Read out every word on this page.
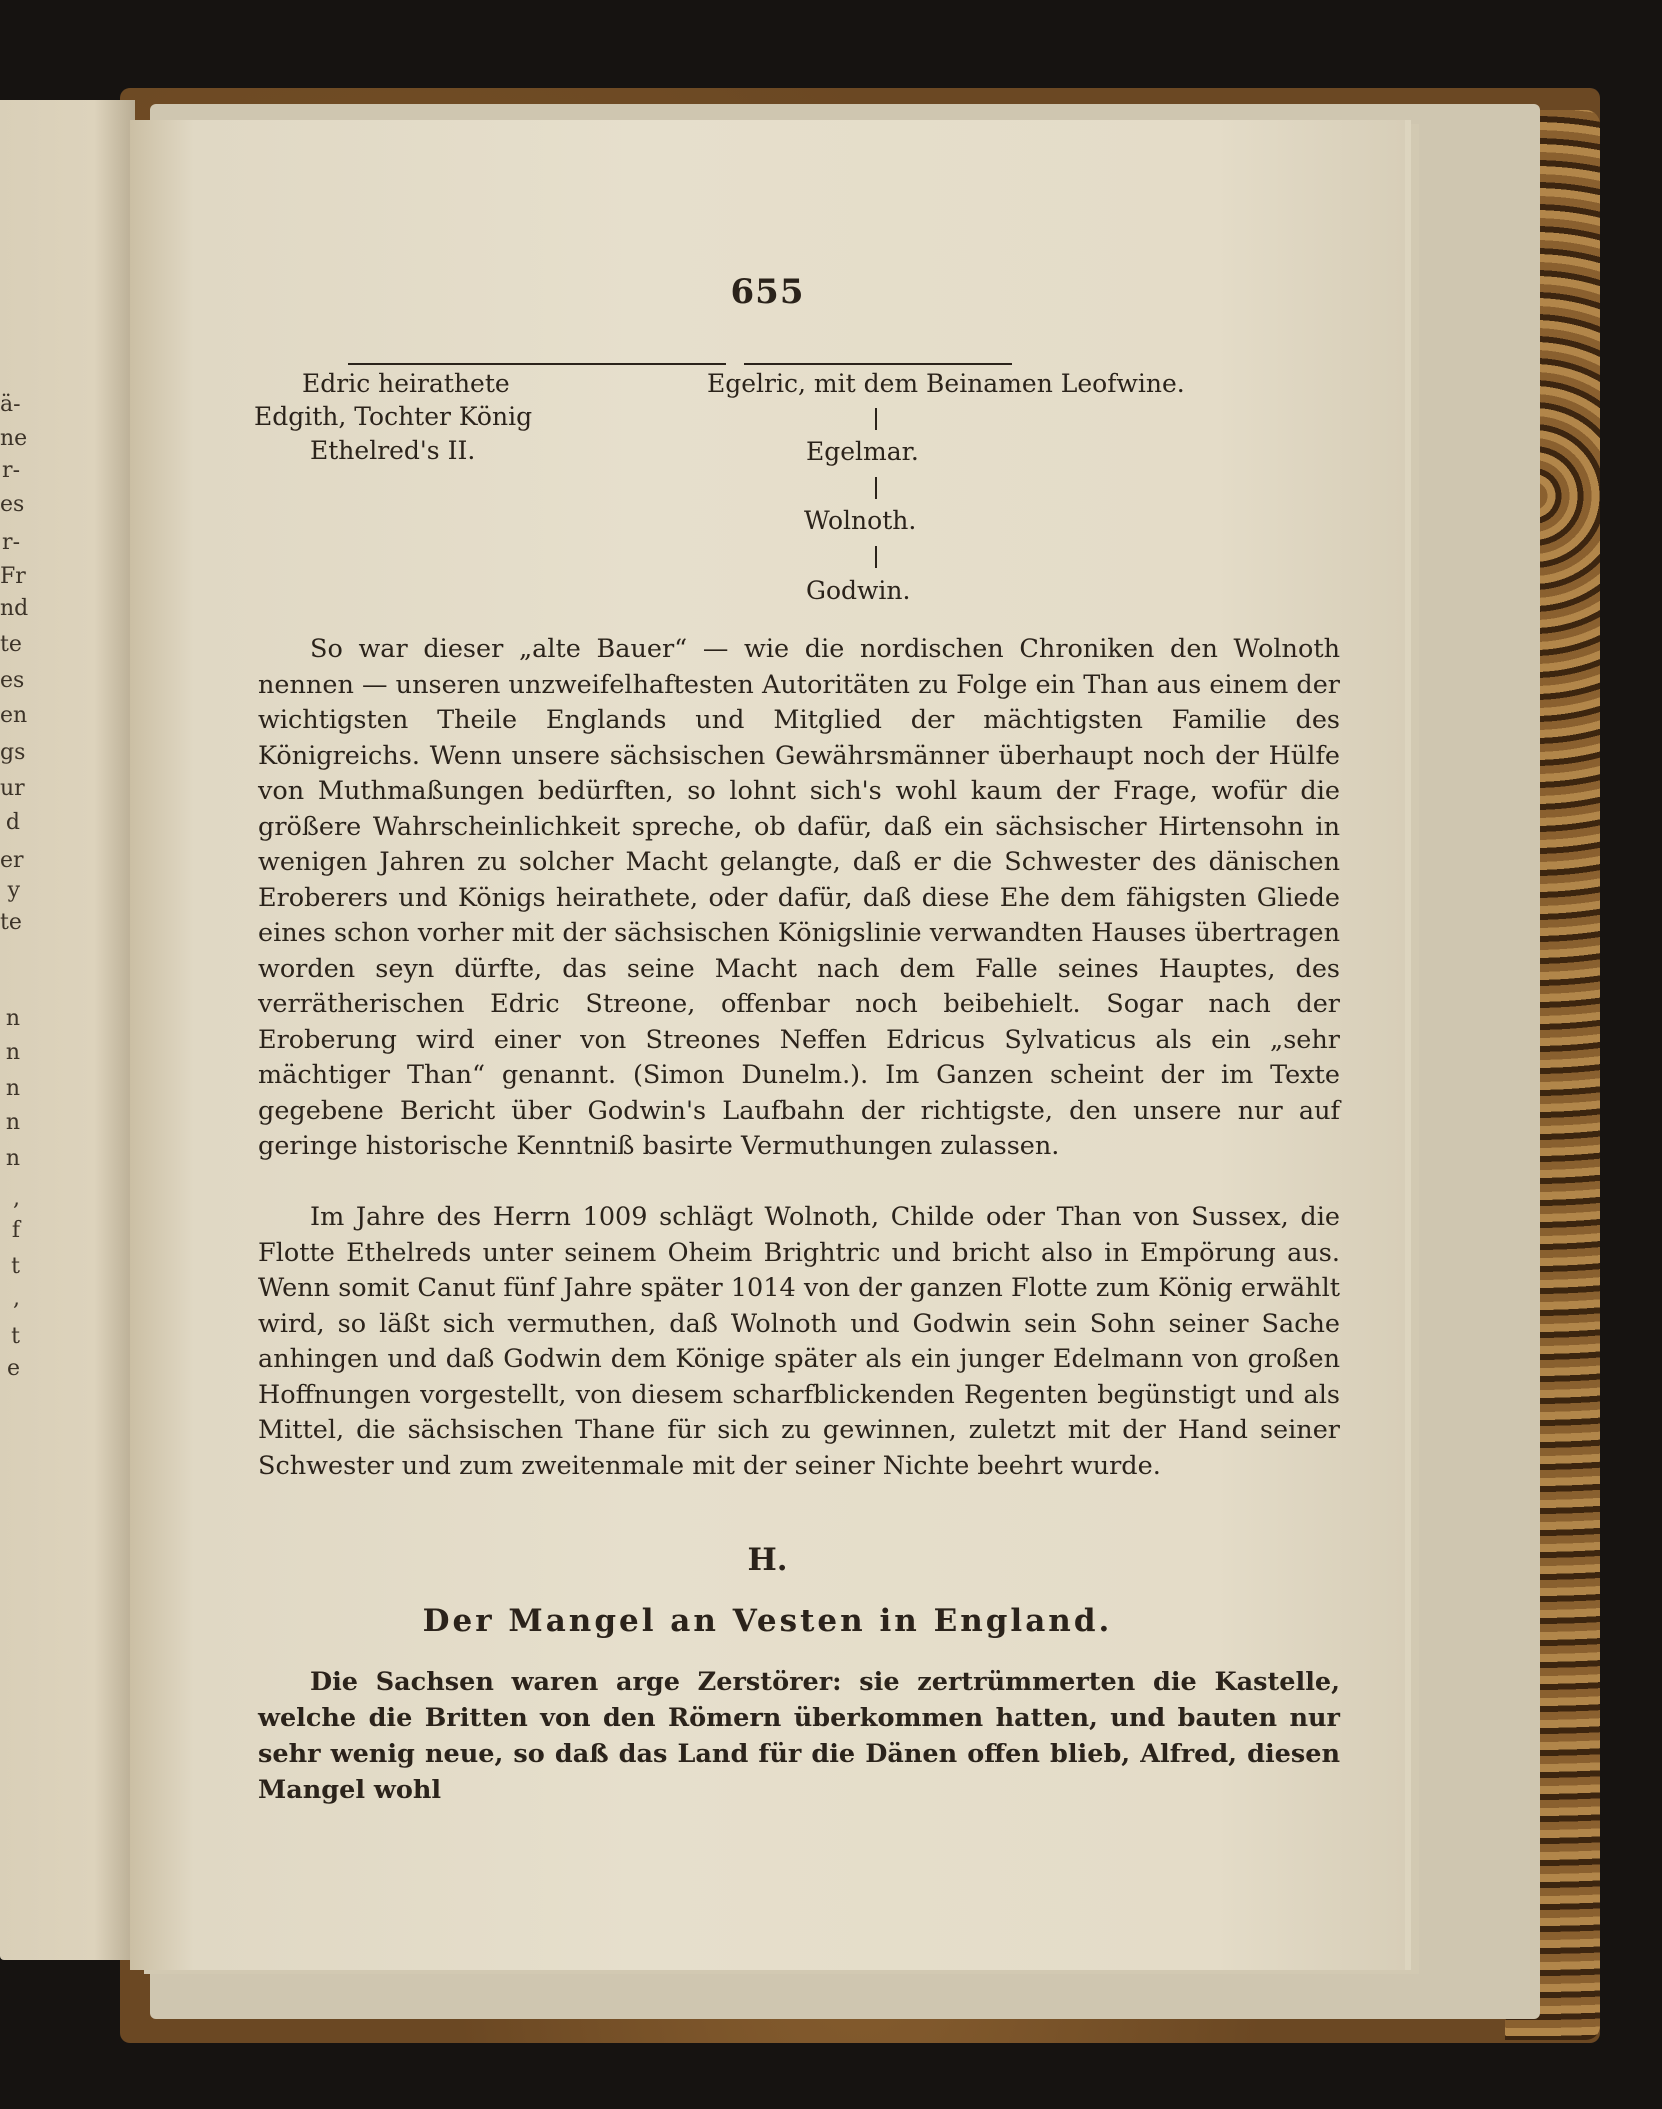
ä-
ne
r-
es
r-
Fr
nd
te
es
en
gs
ur
d
er
y
te
n
n
n
n
n
,
f
t
,
t
e
655
Edric heirathete
Edgith, Tochter König
Ethelred's II.
Egelric, mit dem Beinamen Leofwine.
Egelmar.
Wolnoth.
Godwin.
So war dieser „alte Bauer“ — wie die nordischen Chroniken den Wolnoth nennen — unseren unzweifelhaftesten Autoritäten zu Folge ein Than aus einem der wichtigsten Theile Englands und Mitglied der mächtigsten Familie des Königreichs. Wenn unsere sächsischen Gewährsmänner überhaupt noch der Hülfe von Muthmaßungen bedürften, so lohnt sich's wohl kaum der Frage, wofür die größere Wahrscheinlichkeit spreche, ob dafür, daß ein sächsischer Hirtensohn in wenigen Jahren zu solcher Macht gelangte, daß er die Schwester des dänischen Eroberers und Königs heirathete, oder dafür, daß diese Ehe dem fähigsten Gliede eines schon vorher mit der sächsischen Königslinie verwandten Hauses übertragen worden seyn dürfte, das seine Macht nach dem Falle seines Hauptes, des verrätherischen Edric Streone, offenbar noch beibehielt. Sogar nach der Eroberung wird einer von Streones Neffen Edricus Sylvaticus als ein „sehr mächtiger Than“ genannt. (Simon Dunelm.). Im Ganzen scheint der im Texte gegebene Bericht über Godwin's Laufbahn der richtigste, den unsere nur auf geringe historische Kenntniß basirte Vermuthungen zulassen.
Im Jahre des Herrn 1009 schlägt Wolnoth, Childe oder Than von Sussex, die Flotte Ethelreds unter seinem Oheim Brightric und bricht also in Empörung aus. Wenn somit Canut fünf Jahre später 1014 von der ganzen Flotte zum König erwählt wird, so läßt sich vermuthen, daß Wolnoth und Godwin sein Sohn seiner Sache anhingen und daß Godwin dem Könige später als ein junger Edelmann von großen Hoffnungen vorgestellt, von diesem scharfblickenden Regenten begünstigt und als Mittel, die sächsischen Thane für sich zu gewinnen, zuletzt mit der Hand seiner Schwester und zum zweitenmale mit der seiner Nichte beehrt wurde.
H.
Der Mangel an Vesten in England.
Die Sachsen waren arge Zerstörer: sie zertrümmerten die Kastelle, welche die Britten von den Römern überkommen hatten, und bauten nur sehr wenig neue, so daß das Land für die Dänen offen blieb, Alfred, diesen Mangel wohl
